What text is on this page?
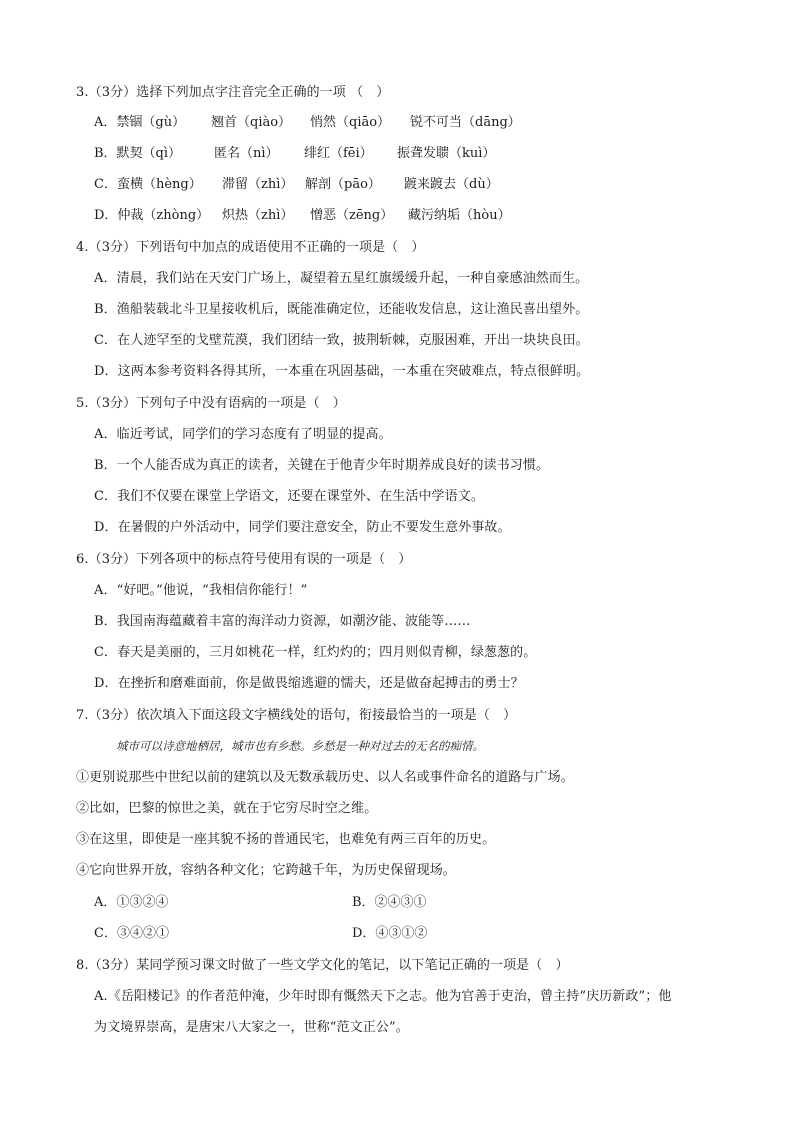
3.（3分）选择下列加点字注音完全正确的一项 （　）
A．禁锢（gù） 翘首（qiào） 悄然（qiāo） 锐不可当（dāng）
B．默契（qì）	匿名（nì） 绯红（fēi） 振聋发聩（kuì）
C．蛮横（hèng） 滞留（zhì） 解剖（pāo） 踱来踱去（dù）
D．仲裁（zhòng） 炽热（zhì） 憎恶（zēng） 藏污纳垢（hòu）
4.（3分）下列语句中加点的成语使用不正确的一项是（　）
A．清晨，我们站在天安门广场上，凝望着五星红旗缓缓升起，一种自豪感油然而生。
B．渔船装载北斗卫星接收机后，既能准确定位，还能收发信息，这让渔民喜出望外。
C．在人迹罕至的戈壁荒漠，我们团结一致，披荆斩棘，克服困难，开出一块块良田。
D．这两本参考资料各得其所，一本重在巩固基础，一本重在突破难点，特点很鲜明。
5.（3分）下列句子中没有语病的一项是（　）
A．临近考试，同学们的学习态度有了明显的提高。
B．一个人能否成为真正的读者，关键在于他青少年时期养成良好的读书习惯。
C．我们不仅要在课堂上学语文，还要在课堂外、在生活中学语文。
D．在暑假的户外活动中，同学们要注意安全，防止不要发生意外事故。
6.（3分）下列各项中的标点符号使用有误的一项是（　）
A．“好吧。”他说，“我相信你能行！”
B．我国南海蕴藏着丰富的海洋动力资源，如潮汐能、波能等……
C．春天是美丽的，三月如桃花一样，红灼灼的；四月则似青柳，绿葱葱的。
D．在挫折和磨难面前，你是做畏缩逃避的懦夫，还是做奋起搏击的勇士？
7.（3分）依次填入下面这段文字横线处的语句，衔接最恰当的一项是（　）
城市可以诗意地栖居，城市也有乡愁。乡愁是一种对过去的无名的痴情。
①更别说那些中世纪以前的建筑以及无数承载历史、以人名或事件命名的道路与广场。
②比如，巴黎的惊世之美，就在于它穷尽时空之维。
③在这里，即使是一座其貌不扬的普通民宅，也难免有两三百年的历史。
④它向世界开放，容纳各种文化；它跨越千年，为历史保留现场。
A．①③②④	B．②④③①
C．③④②①	D．④③①②
8.（3分）某同学预习课文时做了一些文学文化的笔记，以下笔记正确的一项是（　）
A.《岳阳楼记》的作者范仲淹，少年时即有慨然天下之志。他为官善于吏治，曾主持“庆历新政”；他
为文境界崇高，是唐宋八大家之一，世称“范文正公”。
